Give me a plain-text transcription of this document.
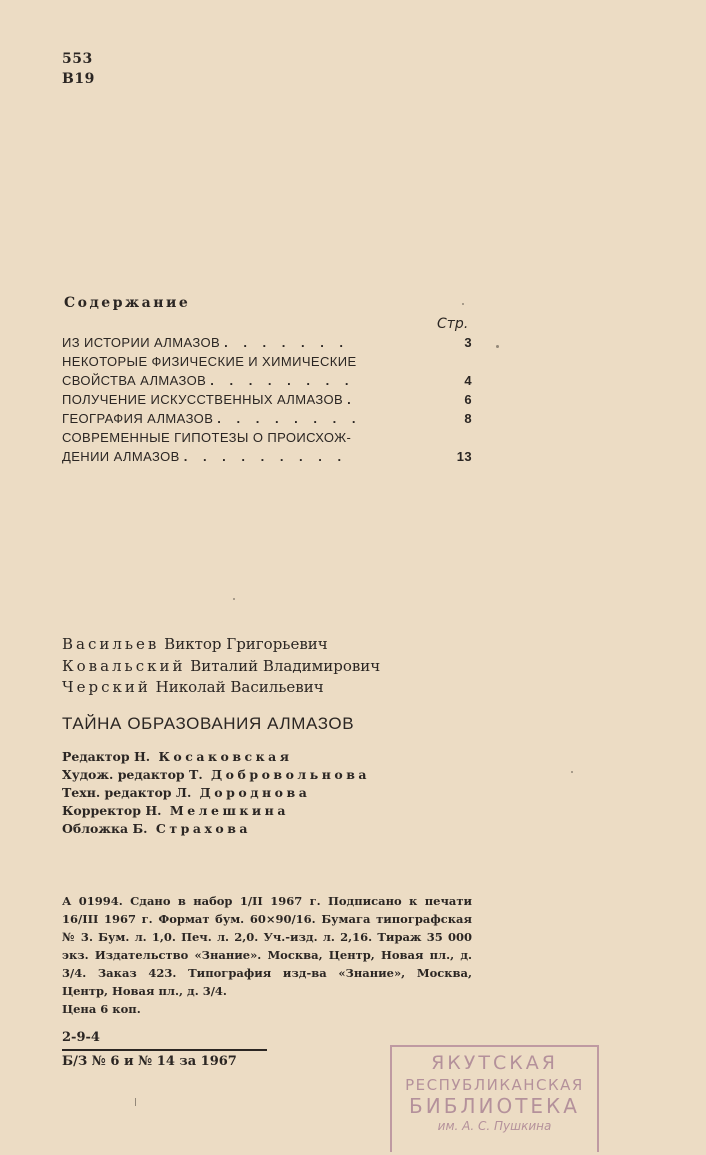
553
В19
Содержание
Стр.
ИЗ ИСТОРИИ АЛМАЗОВ . . . . . . .	3
НЕКОТОРЫЕ ФИЗИЧЕСКИЕ И ХИМИЧЕСКИЕ
СВОЙСТВА АЛМАЗОВ . . . . . . . .	4
ПОЛУЧЕНИЕ ИСКУССТВЕННЫХ АЛМАЗОВ .	6
ГЕОГРАФИЯ АЛМАЗОВ . . . . . . . .	8
СОВРЕМЕННЫЕ ГИПОТЕЗЫ О ПРОИСХОЖ-
ДЕНИИ АЛМАЗОВ . . . . . . . . .	13
Васильев Виктор Григорьевич
Ковальский Виталий Владимирович
Черский Николай Васильевич
ТАЙНА ОБРАЗОВАНИЯ АЛМАЗОВ
Редактор Н. Косаковская
Худож. редактор Т. Добровольнова
Техн. редактор Л. Дороднова
Корректор Н. Мелешкина
Обложка Б. Страхова
А 01994. Сдано в набор 1/II 1967 г. Подписано к печати 16/III 1967 г. Формат бум. 60×90/16. Бумага типографская № 3. Бум. л. 1,0. Печ. л. 2,0. Уч.-изд. л. 2,16. Тираж 35 000 экз. Издательство «Знание». Москва, Центр, Новая пл., д. 3/4. Заказ 423. Типография изд-ва «Знание», Москва, Центр, Новая пл., д. 3/4.
Цена 6 коп.
2-9-4
Б/З № 6 и № 14 за 1967	ЯКУТСКАЯ
РЕСПУБЛИКАНСКАЯ
БИБЛИОТЕКА
им. А. С. Пушкина
